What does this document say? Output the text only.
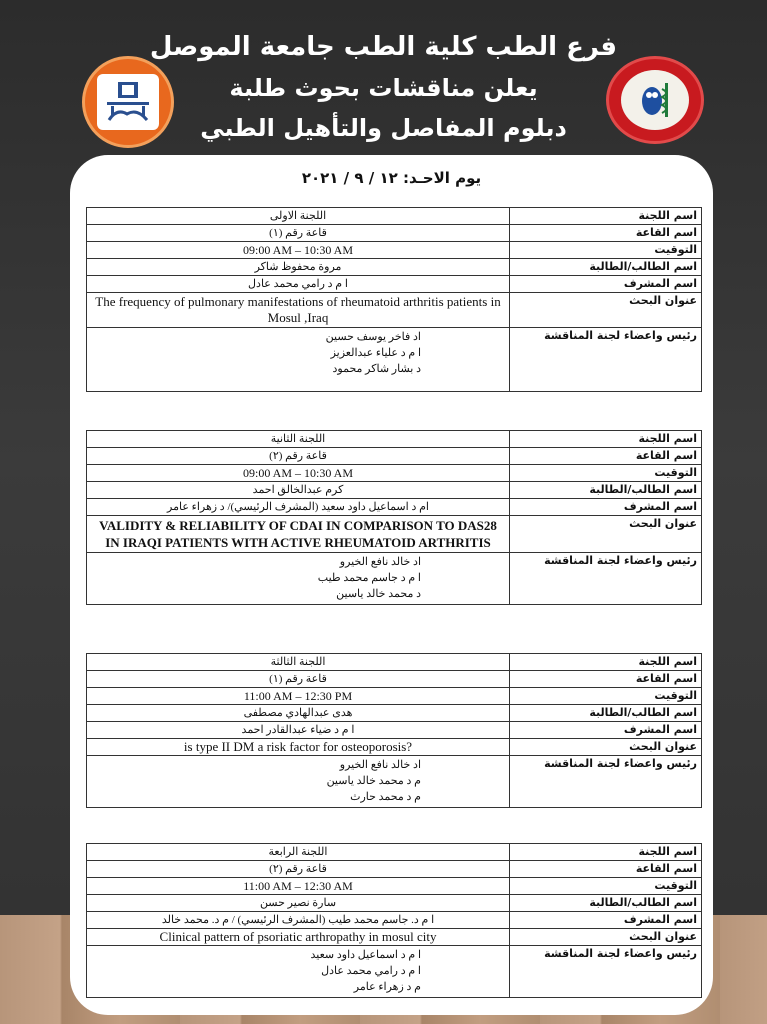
فرع الطب كلية الطب جامعة الموصل
يعلن مناقشات بحوث طلبة
دبلوم المفاصل والتأهيل الطبي
يوم الاحـد: ١٢ / ٩ / ٢٠٢١
اسم اللجنة	اللجنة الاولى
اسم القاعة	قاعة رقم (١)
التوقيت	09:00 AM – 10:30 AM
اسم الطالب/الطالبة	مروة محفوظ شاكر
اسم المشرف	ا م د رامي محمد عادل
عنوان البحث	The frequency of pulmonary manifestations of rheumatoid arthritis patients in Mosul ,Iraq
رئيس واعضاء لجنة المناقشة	اد فاخر يوسف حسين
ا م د علياء عبدالعزيز
د بشار شاكر محمود
اسم اللجنة	اللجنة الثانية
اسم القاعة	قاعة رقم (٢)
التوقيت	09:00 AM – 10:30 AM
اسم الطالب/الطالبة	كرم عبدالخالق احمد
اسم المشرف	ام د اسماعيل داود سعيد (المشرف الرئيسي)/ د زهراء عامر
عنوان البحث	VALIDITY & RELIABILITY OF CDAI IN COMPARISON TO DAS28 IN IRAQI PATIENTS WITH ACTIVE RHEUMATOID ARTHRITIS
رئيس واعضاء لجنة المناقشة	اد خالد نافع الخيرو
ا م د جاسم محمد طيب
د محمد خالد ياسين
اسم اللجنة	اللجنة الثالثة
اسم القاعة	قاعة رقم (١)
التوقيت	11:00 AM – 12:30 PM
اسم الطالب/الطالبة	هدى عبدالهادي مصطفى
اسم المشرف	ا م د ضياء عبدالقادر احمد
عنوان البحث	is type II DM a risk factor for osteoporosis?
رئيس واعضاء لجنة المناقشة	اد خالد نافع الخيرو
م د محمد خالد ياسين
م د محمد حارث
اسم اللجنة	اللجنة الرابعة
اسم القاعة	قاعة رقم (٢)
التوقيت	11:00 AM – 12:30 AM
اسم الطالب/الطالبة	سارة نصير حسن
اسم المشرف	ا م د. جاسم محمد طيب (المشرف الرئيسي) / م د. محمد خالد
عنوان البحث	Clinical pattern of psoriatic arthropathy in mosul city
رئيس واعضاء لجنة المناقشة	ا م د اسماعيل داود سعيد
ا م د رامي محمد عادل
م د زهراء عامر
